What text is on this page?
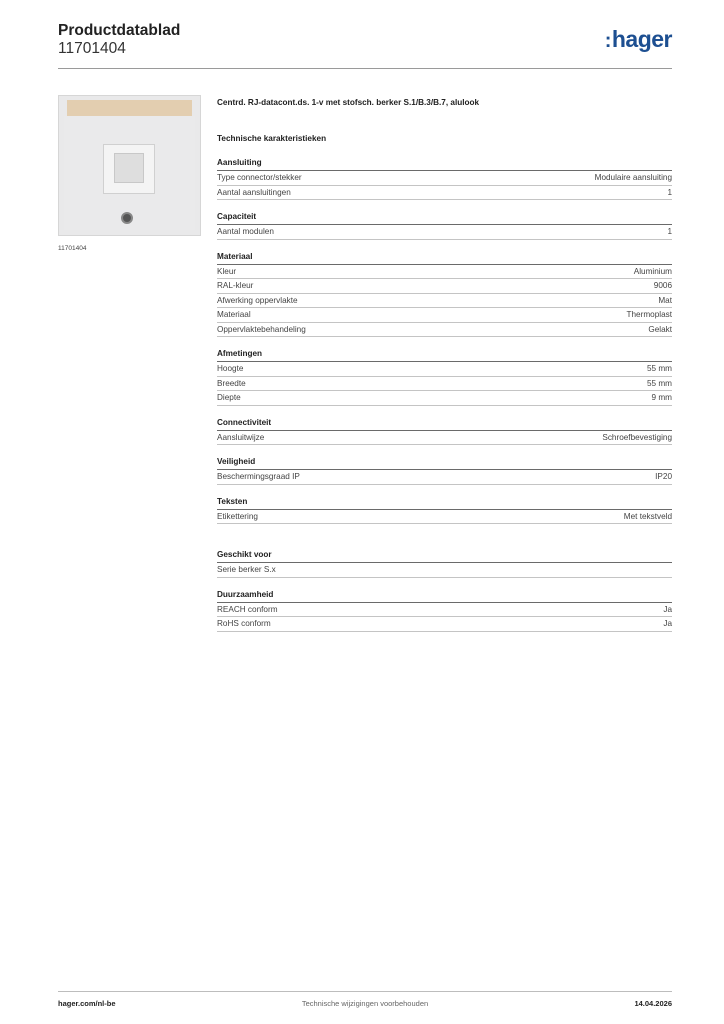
Productdatablad
11701404	:hager
11701404
Centrd. RJ-datacont.ds. 1-v met stofsch. berker S.1/B.3/B.7, alulook
Technische karakteristieken
Aansluiting
Type connector/stekker	Modulaire aansluiting
Aantal aansluitingen	1
Capaciteit
Aantal modulen	1
Materiaal
Kleur	Aluminium
RAL-kleur	9006
Afwerking oppervlakte	Mat
Materiaal	Thermoplast
Oppervlaktebehandeling	Gelakt
Afmetingen
Hoogte	55 mm
Breedte	55 mm
Diepte	9 mm
Connectiviteit
Aansluitwijze	Schroefbevestiging
Veiligheid
Beschermingsgraad IP	IP20
Teksten
Etikettering	Met tekstveld
Geschikt voor
Serie berker S.x
Duurzaamheid
REACH conform	Ja
RoHS conform	Ja
hager.com/nl-be	Technische wijzigingen voorbehouden	14.04.2026
